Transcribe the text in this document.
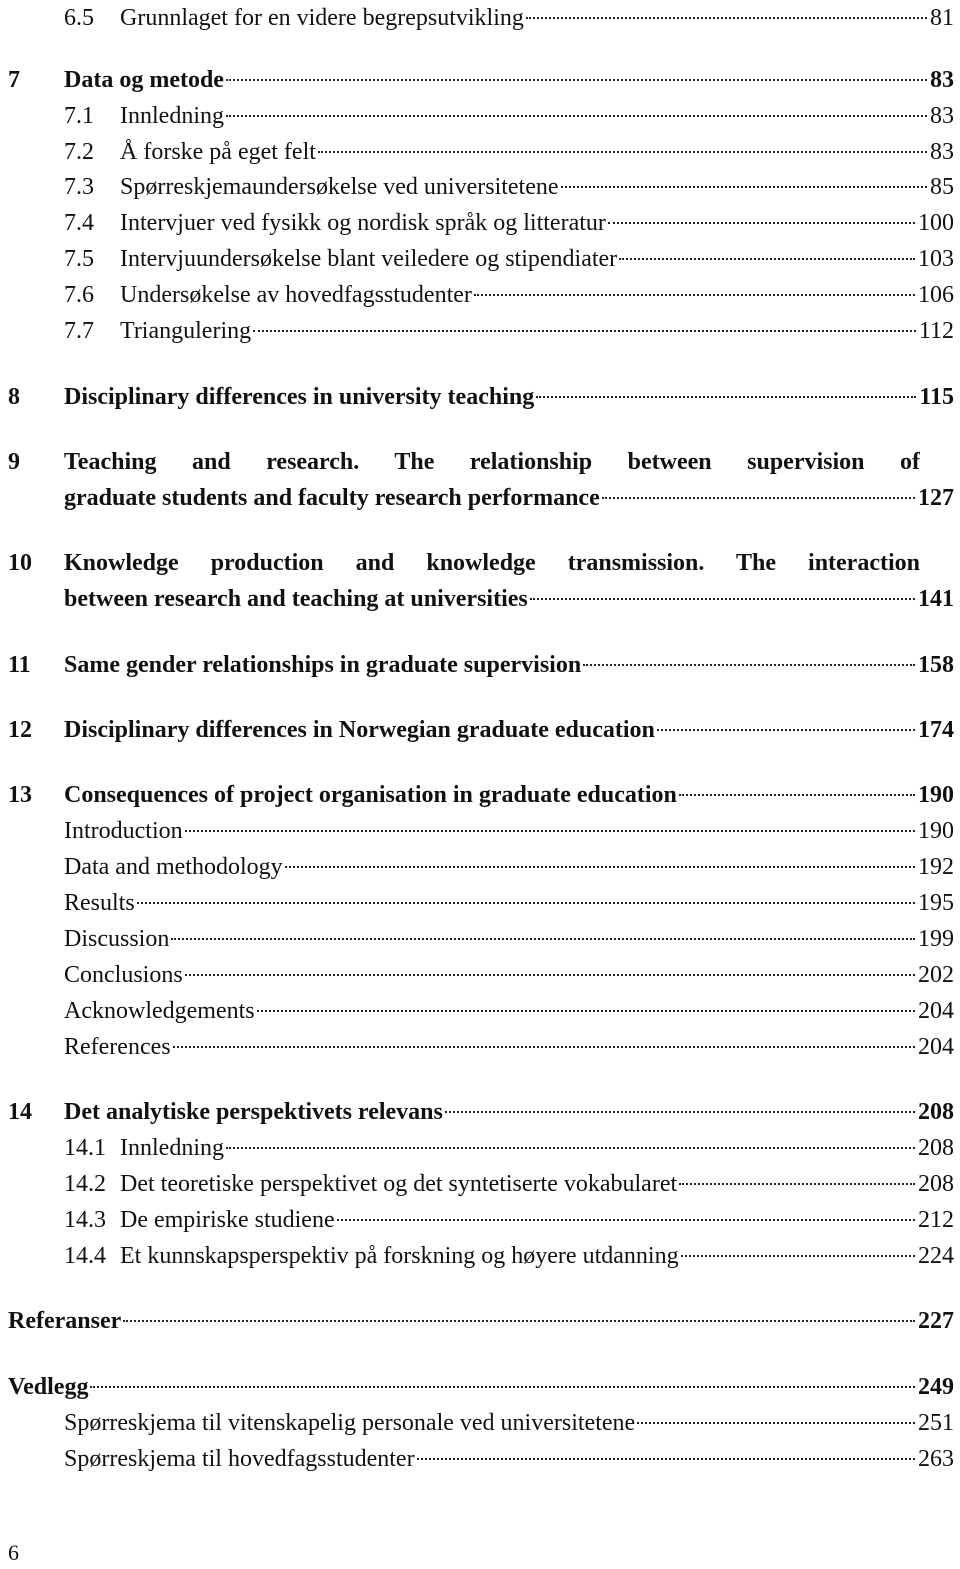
6.5 Grunnlaget for en videre begrepsutvikling	81
7 Data og metode	83
7.1 Innledning	83
7.2 Å forske på eget felt	83
7.3 Spørreskjemaundersøkelse ved universitetene	85
7.4 Intervjuer ved fysikk og nordisk språk og litteratur	100
7.5 Intervjuundersøkelse blant veiledere og stipendiater	103
7.6 Undersøkelse av hovedfagsstudenter	106
7.7 Triangulering	112
8 Disciplinary differences in university teaching	115
9 Teaching and research. The relationship between supervision of
graduate students and faculty research performance	127
10 Knowledge production and knowledge transmission. The interaction
between research and teaching at universities	141
11 Same gender relationships in graduate supervision	158
12 Disciplinary differences in Norwegian graduate education	174
13 Consequences of project organisation in graduate education	190
Introduction	190
Data and methodology	192
Results	195
Discussion	199
Conclusions	202
Acknowledgements	204
References	204
14 Det analytiske perspektivets relevans	208
14.1 Innledning	208
14.2 Det teoretiske perspektivet og det syntetiserte vokabularet	208
14.3 De empiriske studiene	212
14.4 Et kunnskapsperspektiv på forskning og høyere utdanning	224
Referanser	227
Vedlegg	249
Spørreskjema til vitenskapelig personale ved universitetene	251
Spørreskjema til hovedfagsstudenter	263
6
